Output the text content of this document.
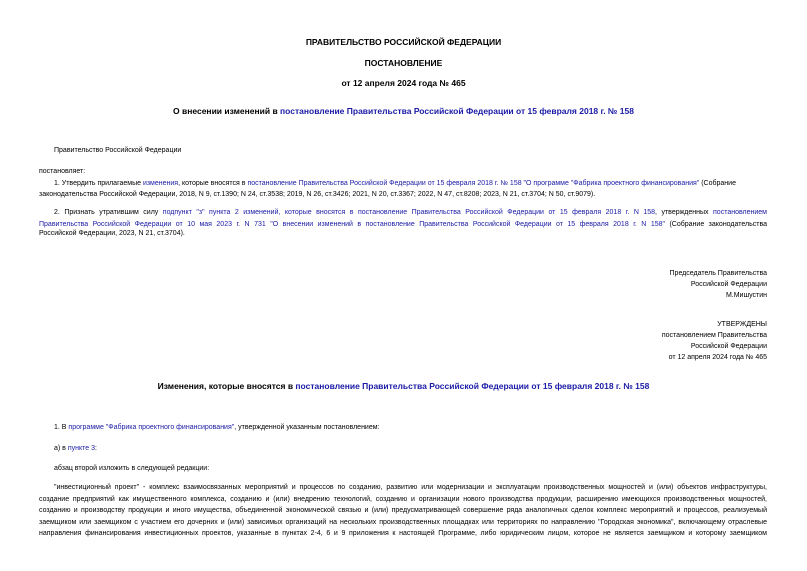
ПРАВИТЕЛЬСТВО РОССИЙСКОЙ ФЕДЕРАЦИИ
ПОСТАНОВЛЕНИЕ
от 12 апреля 2024 года № 465
О внесении изменений в постановление Правительства Российской Федерации от 15 февраля 2018 г. № 158
Правительство Российской Федерации
постановляет:
1. Утвердить прилагаемые изменения, которые вносятся в постановление Правительства Российской Федерации от 15 февраля 2018 г. № 158 "О программе "Фабрика проектного финансирования" (Собрание
законодательства Российской Федерации, 2018, N 9, ст.1390; N 24, ст.3538; 2019, N 26, ст.3426; 2021, N 20, ст.3367; 2022, N 47, ст.8208; 2023, N 21, ст.3704; N 50, ст.9079).
2. Признать утратившим силу подпункт "з" пункта 2 изменений, которые вносятся в постановление Правительства Российской Федерации от 15 февраля 2018 г. N 158, утвержденных постановлением
Правительства Российской Федерации от 10 мая 2023 г. N 731 "О внесении изменений в постановление Правительства Российской Федерации от 15 февраля 2018 г. N 158" (Собрание законодательства
Российской Федерации, 2023, N 21, ст.3704).
Председатель Правительства
Российской Федерации
М.Мишустин
УТВЕРЖДЕНЫ
постановлением Правительства
Российской Федерации
от 12 апреля 2024 года № 465
Изменения, которые вносятся в постановление Правительства Российской Федерации от 15 февраля 2018 г. № 158
1. В программе "Фабрика проектного финансирования", утвержденной указанным постановлением:
а) в пункте 3:
абзац второй изложить в следующей редакции:
"инвестиционный проект" - комплекс взаимосвязанных мероприятий и процессов по созданию, развитию или модернизации и эксплуатации производственных мощностей и (или) объектов инфраструктуры,
создание предприятий как имущественного комплекса, созданию и (или) внедрению технологий, созданию и организации нового производства продукции, расширению имеющихся производственных мощностей,
созданию и производству продукции и иного имущества, объединенной экономической связью и (или) предусматривающей совершение ряда аналогичных сделок комплекс мероприятий и процессов, реализуемый
заемщиком или заемщиком с участием его дочерних и (или) зависимых организаций на нескольких производственных площадках или территориях по направлению "Городская экономика", включающему отраслевые
направления финансирования инвестиционных проектов, указанные в пунктах 2-4, 6 и 9 приложения к настоящей Программе, либо юридическим лицом, которое не является заемщиком и которому заемщиком
